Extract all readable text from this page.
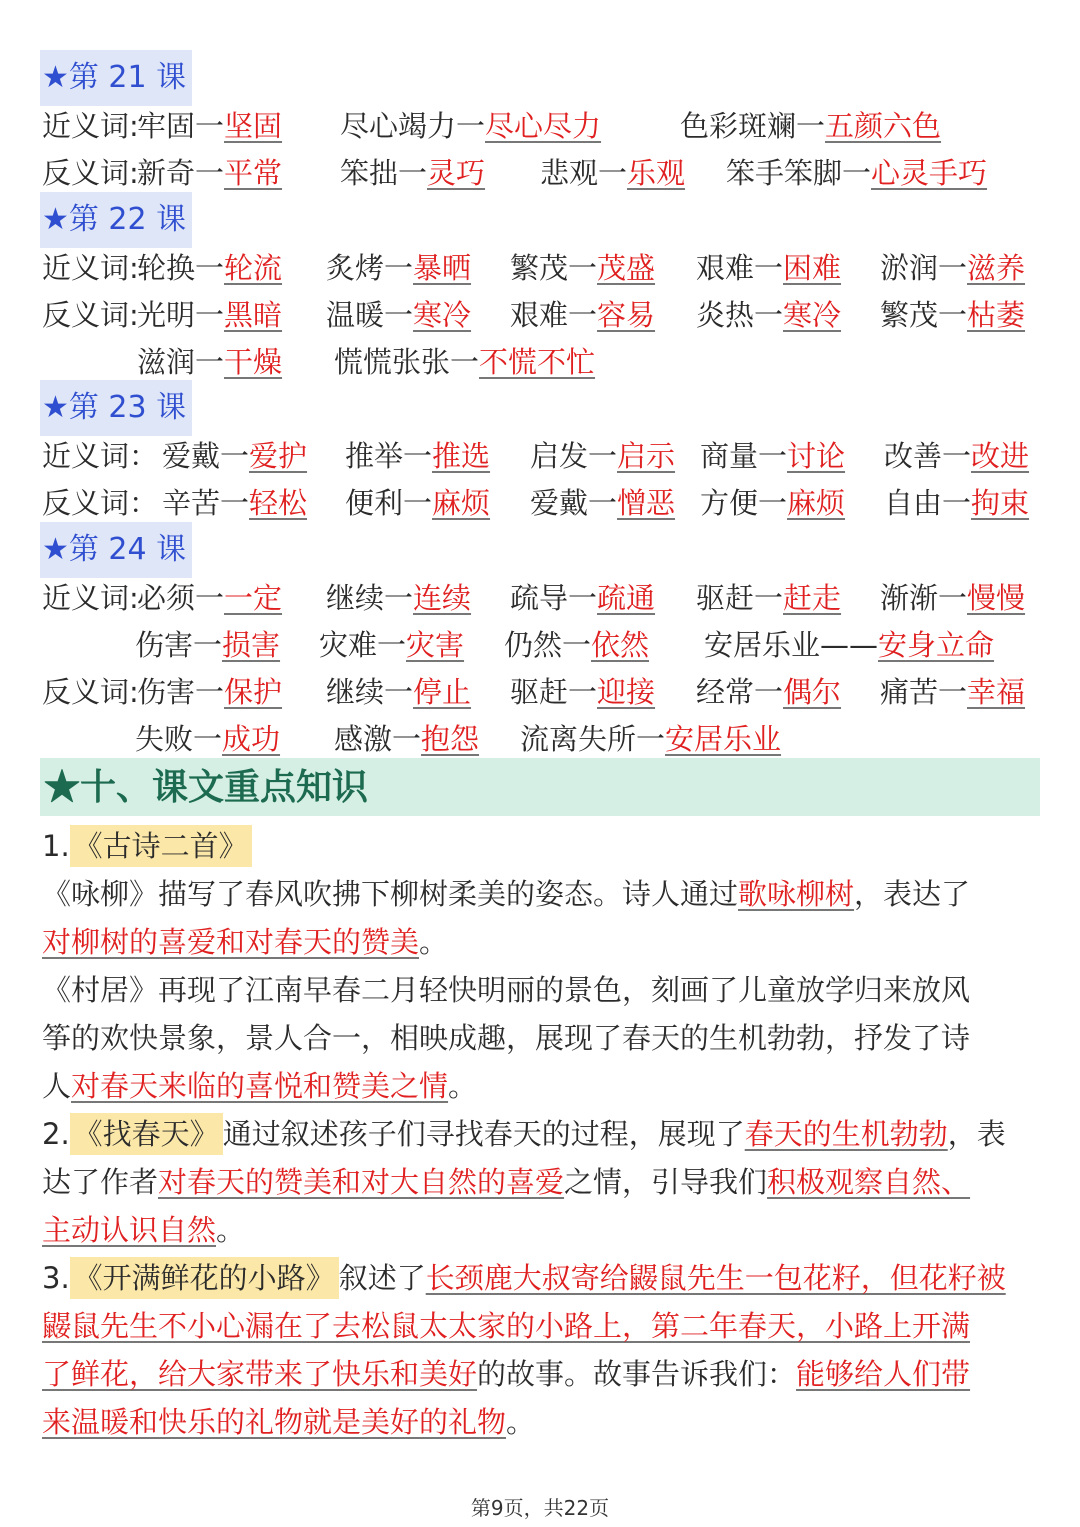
★第 21 课
近义词:
牢固一坚固 尽心竭力一尽心尽力	色彩斑斓一五颜六色
反义词:
新奇一平常 笨拙一灵巧 悲观一乐观 笨手笨脚一心灵手巧
★第 22 课
近义词:
轮换一轮流 炙烤一暴晒 繁茂一茂盛 艰难一困难 淤润一滋养
反义词:
光明一黑暗 温暖一寒冷 艰难一容易 炎热一寒冷 繁茂一枯萎
滋润一干燥 慌慌张张一不慌不忙
★第 23 课
近义词： 爱戴一爱护 推举一推选 启发一启示 商量一讨论 改善一改进
反义词： 辛苦一轻松 便利一麻烦 爱戴一憎恶 方便一麻烦 自由一拘束
★第 24 课
近义词:
必须一一定 继续一连续 疏导一疏通 驱赶一赶走 渐渐一慢慢
伤害一损害 灾难一灾害 仍然一依然 安居乐业——安身立命
反义词:
伤害一保护 继续一停止 驱赶一迎接 经常一偶尔 痛苦一幸福
失败一成功 感激一抱怨 流离失所一安居乐业
★十、课文重点知识
1. 《古诗二首》
《咏柳》描写了春风吹拂下柳树柔美的姿态。诗人通过歌咏柳树，表达了
对柳树的喜爱和对春天的赞美。
《村居》再现了江南早春二月轻快明丽的景色，刻画了儿童放学归来放风
筝的欢快景象，景人合一，相映成趣，展现了春天的生机勃勃，抒发了诗
人对春天来临的喜悦和赞美之情。
2. 《找春天》 通过叙述孩子们寻找春天的过程，展现了春天的生机勃勃，表
达了作者对春天的赞美和对大自然的喜爱之情，引导我们积极观察自然、
主动认识自然。
3. 《开满鲜花的小路》 叙述了长颈鹿大叔寄给鼹鼠先生一包花籽，但花籽被
鼹鼠先生不小心漏在了去松鼠太太家的小路上，第二年春天，小路上开满
了鲜花，给大家带来了快乐和美好的故事。故事告诉我们：能够给人们带
来温暖和快乐的礼物就是美好的礼物。
第9页，共22页
